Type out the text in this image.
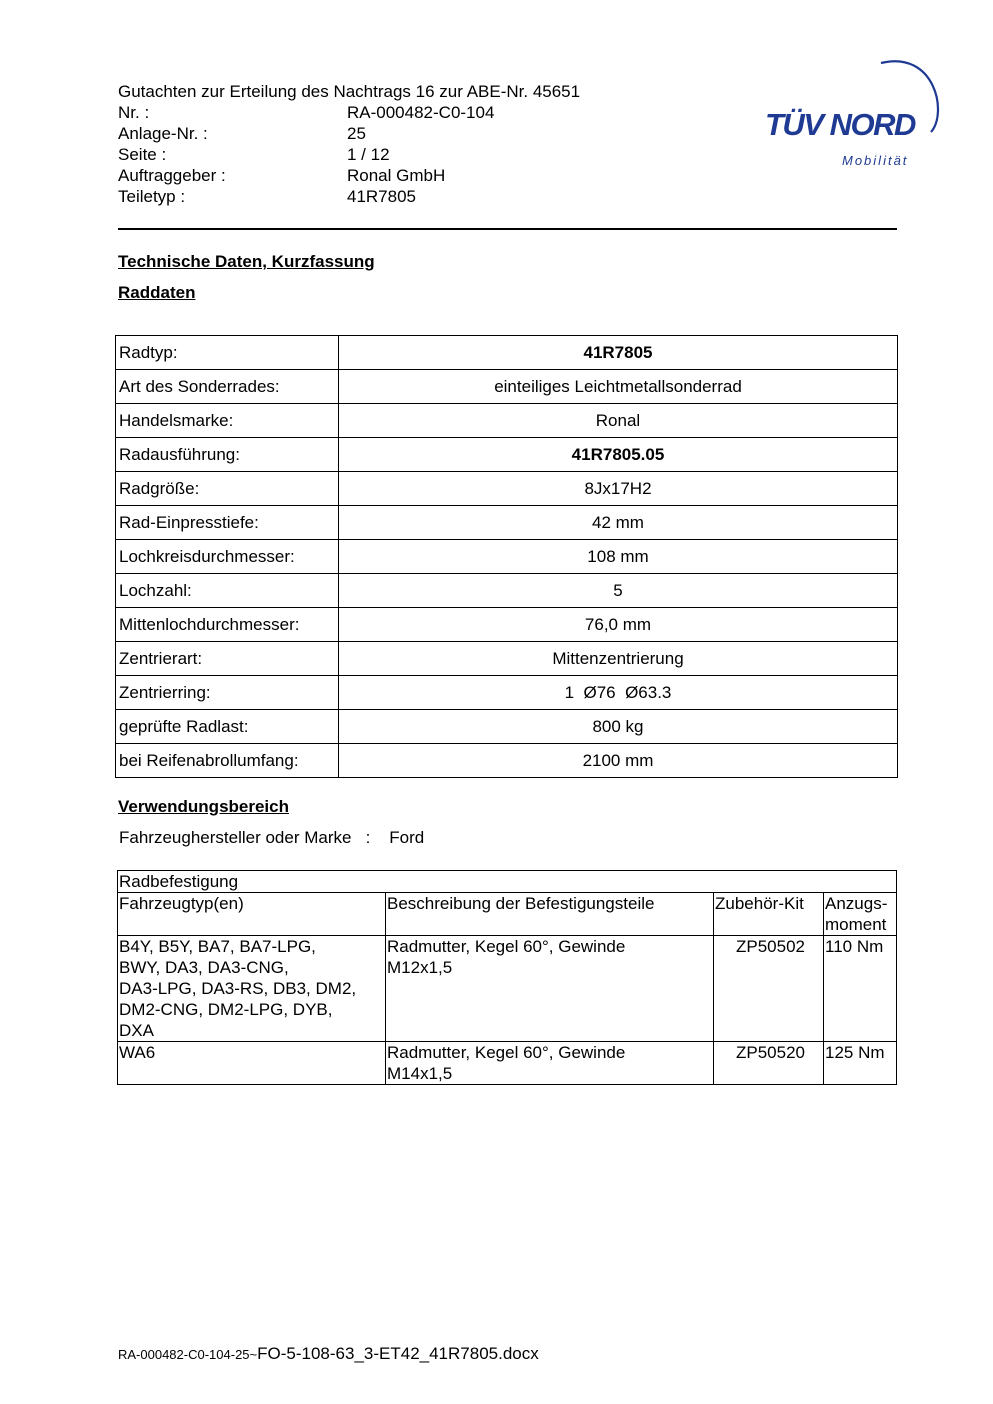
Gutachten zur Erteilung des Nachtrags 16 zur ABE-Nr. 45651
Nr. :	RA-000482-C0-104
Anlage-Nr. :	25
Seite :	1 / 12
Auftraggeber :	Ronal GmbH
Teiletyp :	41R7805
TÜV NORD
Mobilität
Technische Daten, Kurzfassung
Raddaten
Radtyp:	41R7805
Art des Sonderrades:	einteiliges Leichtmetallsonderrad
Handelsmarke:	Ronal
Radausführung:	41R7805.05
Radgröße:	8Jx17H2
Rad-Einpresstiefe:	42 mm
Lochkreisdurchmesser:	108 mm
Lochzahl:	5
Mittenlochdurchmesser:	76,0 mm
Zentrierart:	Mittenzentrierung
Zentrierring:	1  Ø76  Ø63.3
geprüfte Radlast:	800 kg
bei Reifenabrollumfang:	2100 mm
Verwendungsbereich
Fahrzeughersteller oder Marke : Ford
Radbefestigung			
Fahrzeugtyp(en)	Beschreibung der Befestigungsteile	Zubehör-Kit	Anzugs-
moment
B4Y, B5Y, BA7, BA7-LPG,
BWY, DA3, DA3-CNG,
DA3-LPG, DA3-RS, DB3, DM2,
DM2-CNG, DM2-LPG, DYB,
DXA	Radmutter, Kegel 60°, Gewinde
M12x1,5	ZP50502	110 Nm
WA6	Radmutter, Kegel 60°, Gewinde
M14x1,5	ZP50520	125 Nm
RA-000482-C0-104-25~FO-5-108-63_3-ET42_41R7805.docx
